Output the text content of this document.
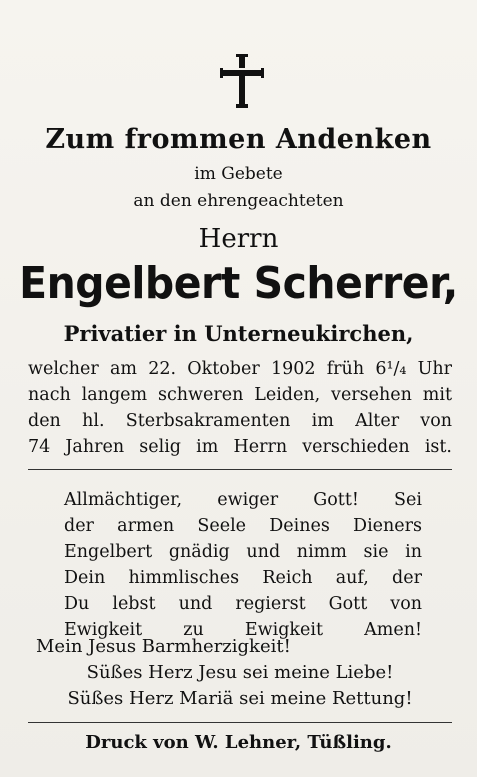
Zum frommen Andenken
im Gebete
an den ehrengeachteten
Herrn
Engelbert Scherrer,
Privatier in Unterneukirchen,
welcher am 22. Oktober 1902 früh 6¹/₄ Uhr
nach langem schweren Leiden, versehen mit
den hl. Sterbsakramenten im Alter von
74 Jahren selig im Herrn verschieden ist.
Allmächtiger, ewiger Gott! Sei
der armen Seele Deines Dieners
Engelbert gnädig und nimm sie in
Dein himmlisches Reich auf, der
Du lebst und regierst Gott von
Ewigkeit zu Ewigkeit Amen!
Mein Jesus Barmherzigkeit!
Süßes Herz Jesu sei meine Liebe!
Süßes Herz Mariä sei meine Rettung!
Druck von W. Lehner, Tüßling.
